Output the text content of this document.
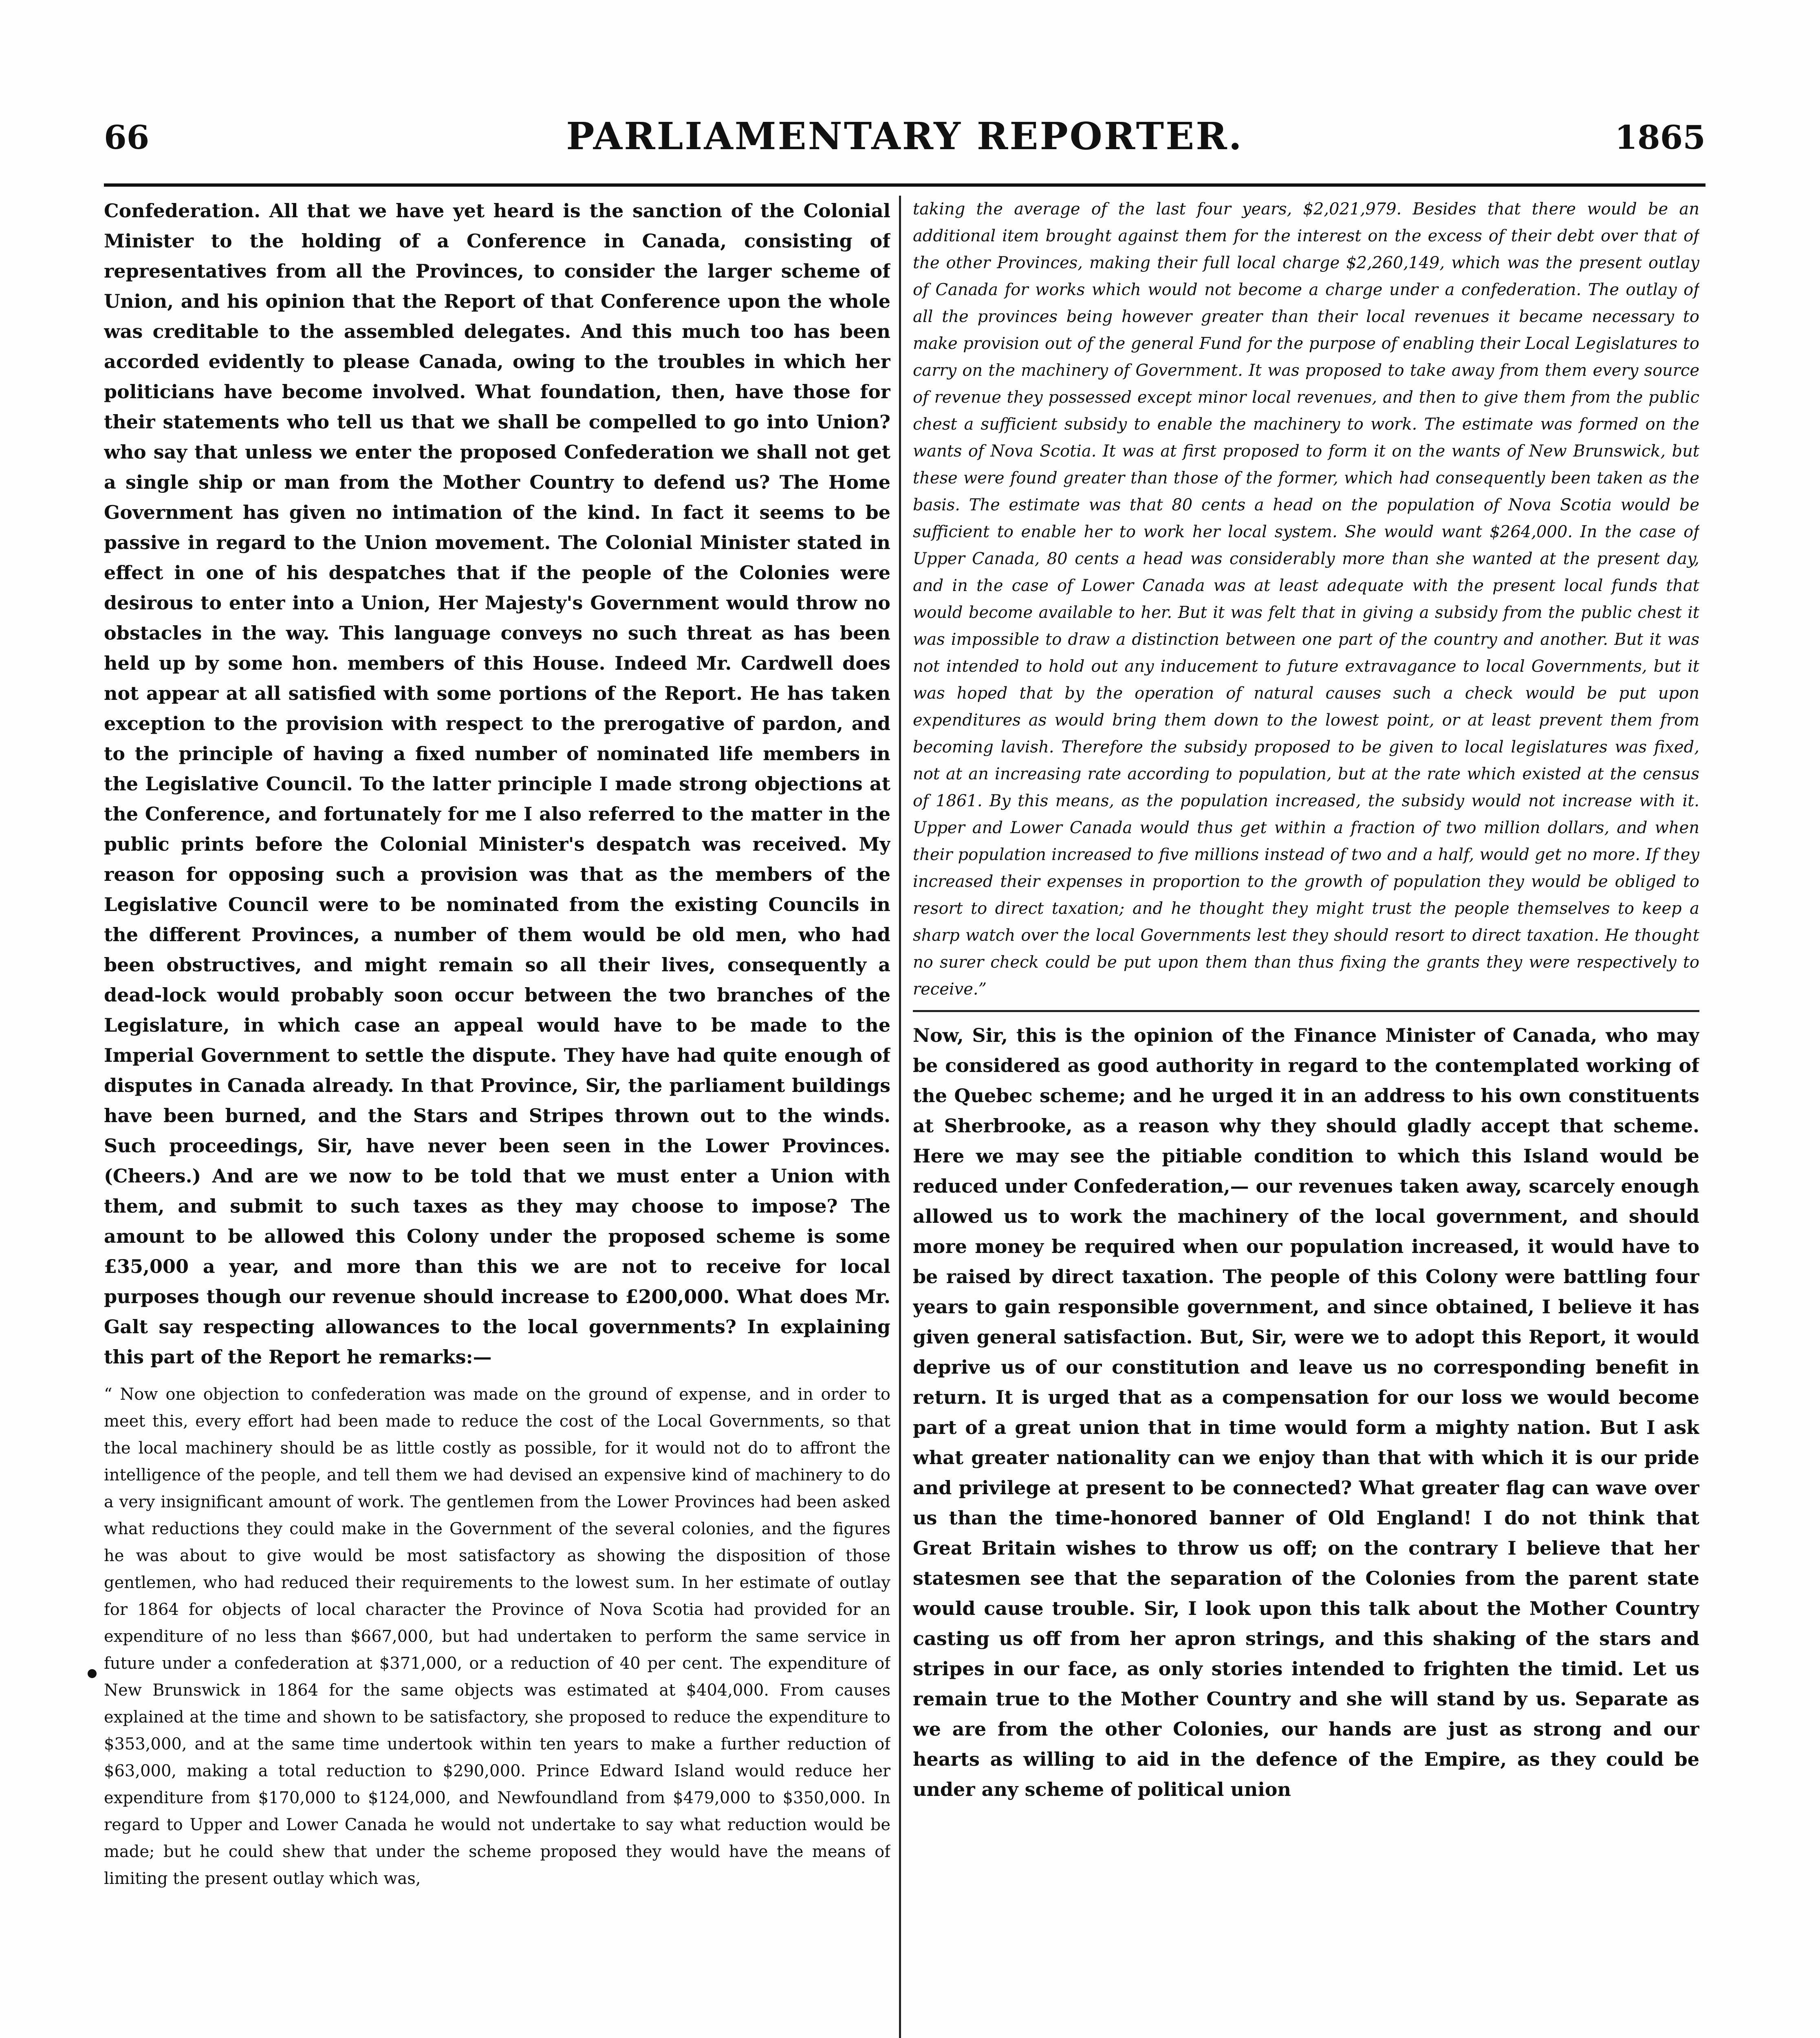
66	PARLIAMENTARY REPORTER.	1865

Confederation. All that we have yet heard is the sanction of the Colonial Minister to the holding of a Conference in Canada, consisting of representatives from all the Provinces, to consider the larger scheme of Union, and his opinion that the Report of that Conference upon the whole was creditable to the assembled delegates. And this much too has been accorded evidently to please Canada, owing to the troubles in which her politicians have become involved. What foundation, then, have those for their statements who tell us that we shall be compelled to go into Union? who say that unless we enter the proposed Confederation we shall not get a single ship or man from the Mother Country to defend us? The Home Government has given no intimation of the kind. In fact it seems to be passive in regard to the Union movement. The Colonial Minister stated in effect in one of his despatches that if the people of the Colonies were desirous to enter into a Union, Her Majesty's Government would throw no obstacles in the way. This language conveys no such threat as has been held up by some hon. members of this House. Indeed Mr. Cardwell does not appear at all satisfied with some portions of the Report. He has taken exception to the provision with respect to the prerogative of pardon, and to the principle of having a fixed number of nominated life members in the Legislative Council. To the latter principle I made strong objections at the Conference, and fortunately for me I also referred to the matter in the public prints before the Colonial Minister's despatch was received. My reason for opposing such a provision was that as the members of the Legislative Council were to be nominated from the existing Councils in the different Provinces, a number of them would be old men, who had been obstructives, and might remain so all their lives, consequently a dead-lock would probably soon occur between the two branches of the Legislature, in which case an appeal would have to be made to the Imperial Government to settle the dispute. They have had quite enough of disputes in Canada already. In that Province, Sir, the parliament buildings have been burned, and the Stars and Stripes thrown out to the winds. Such proceedings, Sir, have never been seen in the Lower Provinces. (Cheers.) And are we now to be told that we must enter a Union with them, and submit to such taxes as they may choose to impose? The amount to be allowed this Colony under the proposed scheme is some £35,000 a year, and more than this we are not to receive for local purposes though our revenue should increase to £200,000. What does Mr. Galt say respecting allowances to the local governments? In explaining this part of the Report he remarks:—

“ Now one objection to confederation was made on the ground of expense, and in order to meet this, every effort had been made to reduce the cost of the Local Governments, so that the local machinery should be as little costly as possible, for it would not do to affront the intelligence of the people, and tell them we had devised an expensive kind of machinery to do a very insignificant amount of work. The gentlemen from the Lower Provinces had been asked what reductions they could make in the Government of the several colonies, and the figures he was about to give would be most satisfactory as showing the disposition of those gentlemen, who had reduced their requirements to the lowest sum. In her estimate of outlay for 1864 for objects of local character the Province of Nova Scotia had provided for an expenditure of no less than $667,000, but had undertaken to perform the same service in future under a confederation at $371,000, or a reduction of 40 per cent. The expenditure of New Brunswick in 1864 for the same objects was estimated at $404,000. From causes explained at the time and shown to be satisfactory, she proposed to reduce the expenditure to $353,000, and at the same time undertook within ten years to make a further reduction of $63,000, making a total reduction to $290,000. Prince Edward Island would reduce her expenditure from $170,000 to $124,000, and Newfoundland from $479,000 to $350,000. In regard to Upper and Lower Canada he would not undertake to say what reduction would be made; but he could shew that under the scheme proposed they would have the means of limiting the present outlay which was,

taking the average of the last four years, $2,021,979. Besides that there would be an additional item brought against them for the interest on the excess of their debt over that of the other Provinces, making their full local charge $2,260,149, which was the present outlay of Canada for works which would not become a charge under a confederation. The outlay of all the provinces being however greater than their local revenues it became necessary to make provision out of the general Fund for the purpose of enabling their Local Legislatures to carry on the machinery of Government. It was proposed to take away from them every source of revenue they possessed except minor local revenues, and then to give them from the public chest a sufficient subsidy to enable the machinery to work. The estimate was formed on the wants of Nova Scotia. It was at first proposed to form it on the wants of New Brunswick, but these were found greater than those of the former, which had consequently been taken as the basis. The estimate was that 80 cents a head on the population of Nova Scotia would be sufficient to enable her to work her local system. She would want $264,000. In the case of Upper Canada, 80 cents a head was considerably more than she wanted at the present day, and in the case of Lower Canada was at least adequate with the present local funds that would become available to her. But it was felt that in giving a subsidy from the public chest it was impossible to draw a distinction between one part of the country and another. But it was not intended to hold out any inducement to future extravagance to local Governments, but it was hoped that by the operation of natural causes such a check would be put upon expenditures as would bring them down to the lowest point, or at least prevent them from becoming lavish. Therefore the subsidy proposed to be given to local legislatures was fixed, not at an increasing rate according to population, but at the rate which existed at the census of 1861. By this means, as the population increased, the subsidy would not increase with it. Upper and Lower Canada would thus get within a fraction of two million dollars, and when their population increased to five millions instead of two and a half, would get no more. If they increased their expenses in proportion to the growth of population they would be obliged to resort to direct taxation; and he thought they might trust the people themselves to keep a sharp watch over the local Governments lest they should resort to direct taxation. He thought no surer check could be put upon them than thus fixing the grants they were respectively to receive.”

Now, Sir, this is the opinion of the Finance Minister of Canada, who may be considered as good authority in regard to the contemplated working of the Quebec scheme; and he urged it in an address to his own constituents at Sherbrooke, as a reason why they should gladly accept that scheme. Here we may see the pitiable condition to which this Island would be reduced under Confederation,— our revenues taken away, scarcely enough allowed us to work the machinery of the local government, and should more money be required when our population increased, it would have to be raised by direct taxation. The people of this Colony were battling four years to gain responsible government, and since obtained, I believe it has given general satisfaction. But, Sir, were we to adopt this Report, it would deprive us of our constitution and leave us no corresponding benefit in return. It is urged that as a compensation for our loss we would become part of a great union that in time would form a mighty nation. But I ask what greater nationality can we enjoy than that with which it is our pride and privilege at present to be connected? What greater flag can wave over us than the time-honored banner of Old England! I do not think that Great Britain wishes to throw us off; on the contrary I believe that her statesmen see that the separation of the Colonies from the parent state would cause trouble. Sir, I look upon this talk about the Mother Country casting us off from her apron strings, and this shaking of the stars and stripes in our face, as only stories intended to frighten the timid. Let us remain true to the Mother Country and she will stand by us. Separate as we are from the other Colonies, our hands are just as strong and our hearts as willing to aid in the defence of the Empire, as they could be under any scheme of political union
